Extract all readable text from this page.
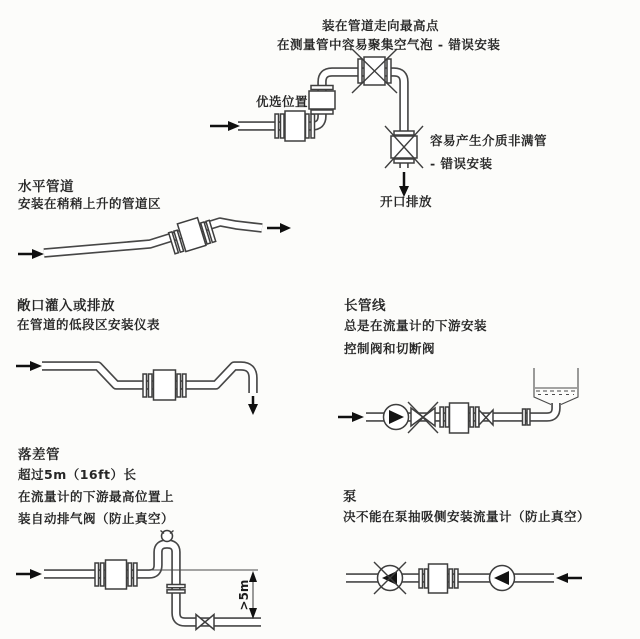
装在管道走向最高点
在测量管中容易聚集空气泡 - 错误安装
优选位置
容易产生介质非满管
- 错误安装
开口排放
水平管道
安装在稍稍上升的管道区
敞口灌入或排放
在管道的低段区安装仪表
长管线
总是在流量计的下游安装
控制阀和切断阀
落差管
超过5m（16ft）长
在流量计的下游最高位置上
装自动排气阀（防止真空）
>5m
泵
决不能在泵抽吸侧安装流量计（防止真空）
